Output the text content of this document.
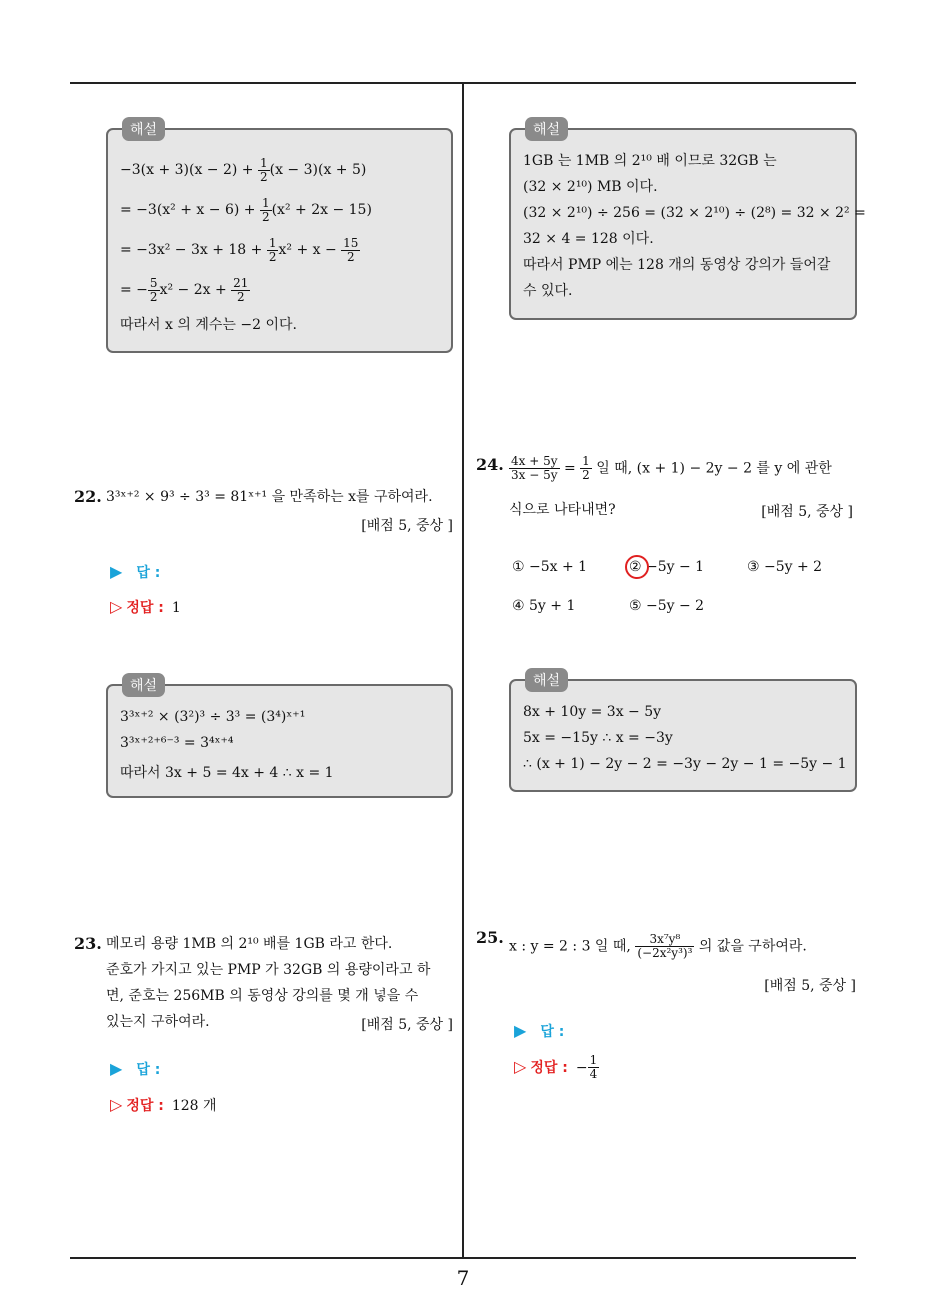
해설
$-3(x + 3)(x - 2) + \frac{1}{2} (x - 3)(x + 5)$
= $-3(x^2 + x - 6) + \frac{1}{2} (x^2 + 2x - 15)$
= $-3x^2 - 3x + 18 + \frac{1}{2} x^2 + x - \frac{15}{2}$
= − $\frac{5}{2} x^2 - 2x + \frac{21}{2}$
따라서 x 의 계수는 −2 이다.
해설
1GB 는 1MB 의 2¹⁰ 배 이므로 32GB 는
(32 × 2¹⁰) MB 이다.
(32 × 2¹⁰) ÷ 256 = (32 × 2¹⁰) ÷ (2⁸) = 32 × 2² =
32 × 4 = 128 이다.
따라서 PMP 에는 128 개의 동영상 강의가 들어갈
수 있다.
22. 3³ˣ⁺² × 9³ ÷ 3³ = 81ˣ⁺¹ 을 만족하는 x를 구하여라.
[배점 5, 중상 ]
▶ 답 :
▷ 정답 : 1
해설
3³ˣ⁺² × (3²)³ ÷ 3³ = (3⁴)ˣ⁺¹
3³ˣ⁺²⁺⁶⁻³ = 3⁴ˣ⁺⁴
따라서 3x + 5 = 4x + 4 ∴ x = 1
24. $\frac{4x + 5y}{3x - 5y} = \frac{1}{2}$ 일 때, (x + 1) − 2y − 2 를 y 에 관한
식으로 나타내면?	[배점 5, 중상 ]
① −5x + 1	② −5y − 1	③ −5y + 2
④ 5y + 1	⑤ −5y − 2
해설
8x + 10y = 3x − 5y
5x = −15y ∴ x = −3y
∴ (x + 1) − 2y − 2 = −3y − 2y − 1 = −5y − 1
23. 메모리 용량 1MB 의 2¹⁰ 배를 1GB 라고 한다.
준호가 가지고 있는 PMP 가 32GB 의 용량이라고 하
면, 준호는 256MB 의 동영상 강의를 몇 개 넣을 수
있는지 구하여라.	[배점 5, 중상 ]
▶ 답 :
▷ 정답 : 128 개
25. x : y = 2 : 3 일 때, $\frac{\text{3x⁷y⁸}}{\text{(−2x²y³)³}}$ 의 값을 구하여라.
[배점 5, 중상 ]
▶ 답 :
▷ 정답 : − $\frac{1}{4}$
7
